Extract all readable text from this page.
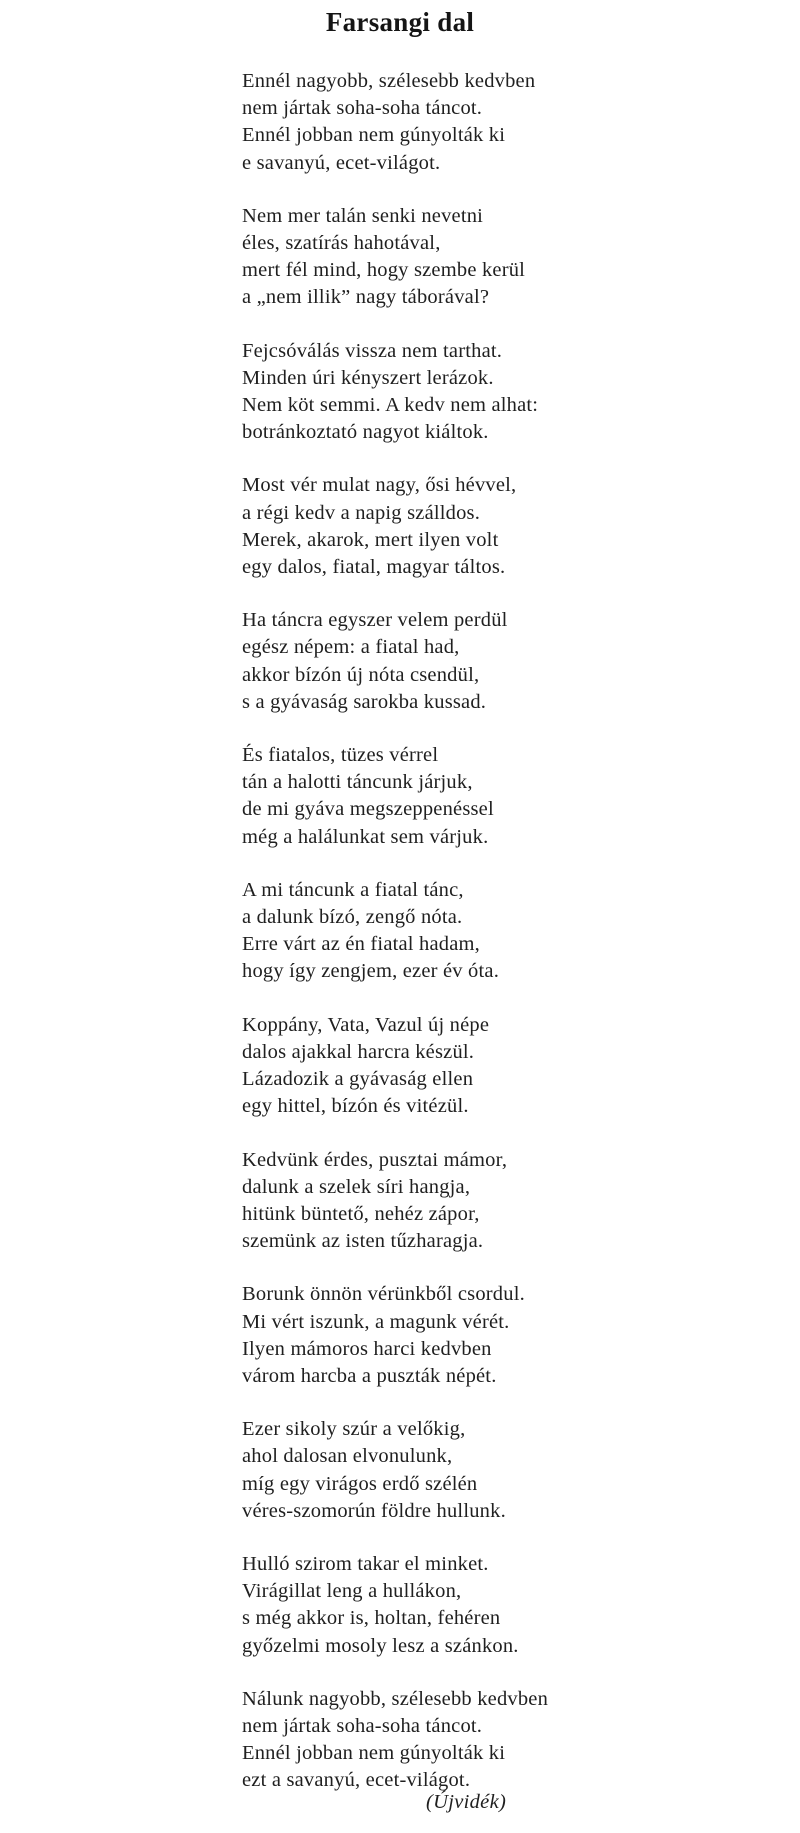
Farsangi dal
Ennél nagyobb, szélesebb kedvben
nem jártak soha-soha táncot.
Ennél jobban nem gúnyolták ki
e savanyú, ecet-világot.
Nem mer talán senki nevetni
éles, szatírás hahotával,
mert fél mind, hogy szembe kerül
a „nem illik” nagy táborával?
Fejcsóválás vissza nem tarthat.
Minden úri kényszert lerázok.
Nem köt semmi. A kedv nem alhat:
botránkoztató nagyot kiáltok.
Most vér mulat nagy, ősi hévvel,
a régi kedv a napig szálldos.
Merek, akarok, mert ilyen volt
egy dalos, fiatal, magyar táltos.
Ha táncra egyszer velem perdül
egész népem: a fiatal had,
akkor bízón új nóta csendül,
s a gyávaság sarokba kussad.
És fiatalos, tüzes vérrel
tán a halotti táncunk járjuk,
de mi gyáva megszeppenéssel
még a halálunkat sem várjuk.
A mi táncunk a fiatal tánc,
a dalunk bízó, zengő nóta.
Erre várt az én fiatal hadam,
hogy így zengjem, ezer év óta.
Koppány, Vata, Vazul új népe
dalos ajakkal harcra készül.
Lázadozik a gyávaság ellen
egy hittel, bízón és vitézül.
Kedvünk érdes, pusztai mámor,
dalunk a szelek síri hangja,
hitünk büntető, nehéz zápor,
szemünk az isten tűzharagja.
Borunk önnön vérünkből csordul.
Mi vért iszunk, a magunk vérét.
Ilyen mámoros harci kedvben
várom harcba a puszták népét.
Ezer sikoly szúr a velőkig,
ahol dalosan elvonulunk,
míg egy virágos erdő szélén
véres-szomorún földre hullunk.
Hulló szirom takar el minket.
Virágillat leng a hullákon,
s még akkor is, holtan, fehéren
győzelmi mosoly lesz a szánkon.
Nálunk nagyobb, szélesebb kedvben
nem jártak soha-soha táncot.
Ennél jobban nem gúnyolták ki
ezt a savanyú, ecet-világot.
(Újvidék)
